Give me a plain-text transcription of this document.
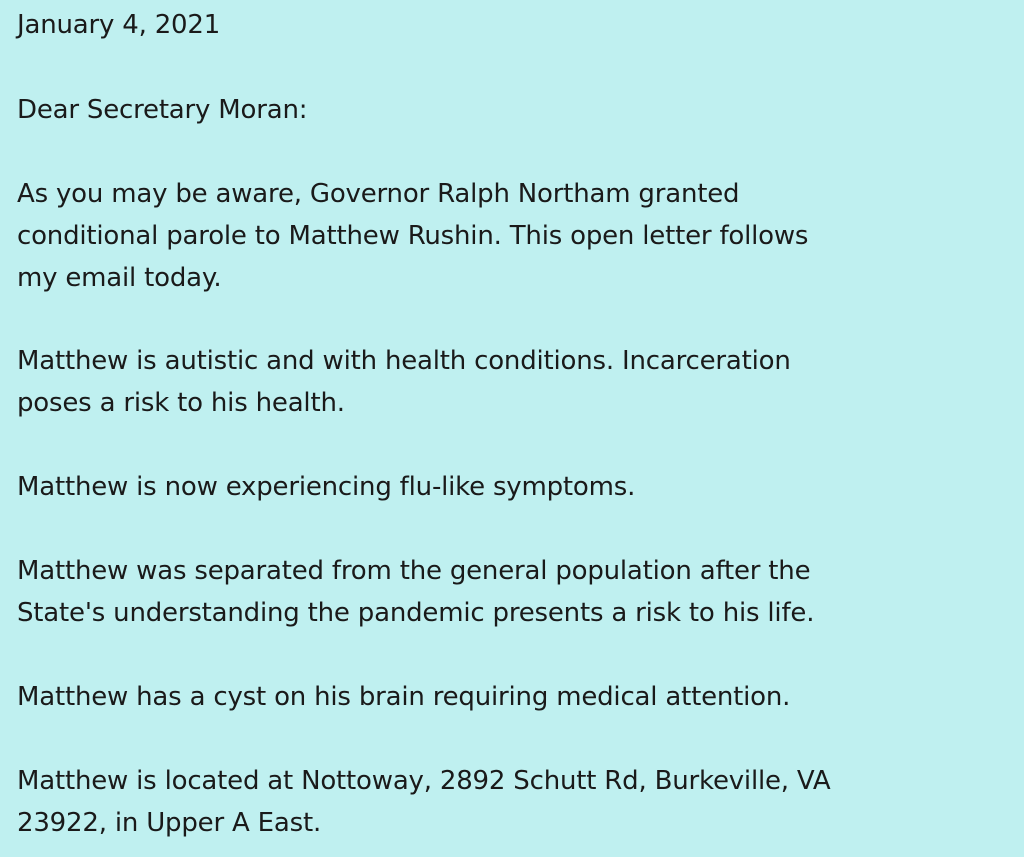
January 4, 2021

Dear Secretary Moran:

As you may be aware, Governor Ralph Northam granted

conditional parole to Matthew Rushin. This open letter follows

my email today.

Matthew is autistic and with health conditions. Incarceration

poses a risk to his health.

Matthew is now experiencing flu-like symptoms.

Matthew was separated from the general population after the

State's understanding the pandemic presents a risk to his life.

Matthew has a cyst on his brain requiring medical attention.

Matthew is located at Nottoway, 2892 Schutt Rd, Burkeville, VA

23922, in Upper A East.
